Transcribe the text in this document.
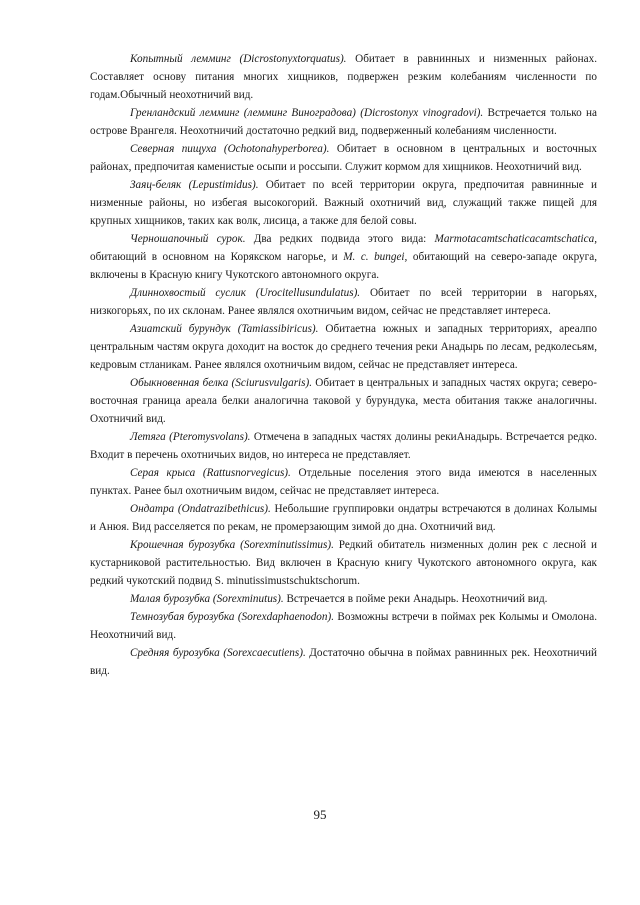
Копытный лемминг (Dicrostonyxtorquatus). Обитает в равнинных и низменных районах. Составляет основу питания многих хищников, подвержен резким колебаниям численности по годам.Обычный неохотничий вид.

Гренландский лемминг (лемминг Виноградова) (Dicrostonyx vinogradovi). Встречается только на острове Врангеля. Неохотничий достаточно редкий вид, подверженный колебаниям численности.

Северная пищуха (Ochotonahyperborea). Обитает в основном в центральных и восточных районах, предпочитая каменистые осыпи и россыпи. Служит кормом для хищников. Неохотничий вид.

Заяц-беляк (Lepustimidus). Обитает по всей территории округа, предпочитая равнинные и низменные районы, но избегая высокогорий. Важный охотничий вид, служащий также пищей для крупных хищников, таких как волк, лисица, а также для белой совы.

Черношапочный сурок. Два редких подвида этого вида: Marmotacamtschaticacamtschatica, обитающий в основном на Корякском нагорье, и M. c. bungei, обитающий на северо-западе округа, включены в Красную книгу Чукотского автономного округа.

Длиннохвостый суслик (Urocitellusundulatus). Обитает по всей территории в нагорьях, низкогорьях, по их склонам. Ранее являлся охотничьим видом, сейчас не представляет интереса.

Азиатский бурундук (Tamiassibiricus). Обитаетна южных и западных территориях, ареалпо центральным частям округа доходит на восток до среднего течения реки Анадырь по лесам, редколесьям, кедровым стланикам. Ранее являлся охотничьим видом, сейчас не представляет интереса.

Обыкновенная белка (Sciurusvulgaris). Обитает в центральных и западных частях округа; северо-восточная граница ареала белки аналогична таковой у бурундука, места обитания также аналогичны. Охотничий вид.

Летяга (Pteromysvolans). Отмечена в западных частях долины рекиАнадырь. Встречается редко. Входит в перечень охотничьих видов, но интереса не представляет.

Серая крыса (Rattusnorvegicus). Отдельные поселения этого вида имеются в населенных пунктах. Ранее был охотничьим видом, сейчас не представляет интереса.

Ондатра (Ondatrazibethicus). Небольшие группировки ондатры встречаются в долинах Колымы и Анюя. Вид расселяется по рекам, не промерзающим зимой до дна. Охотничий вид.

Крошечная бурозубка (Sorexminutissimus). Редкий обитатель низменных долин рек с лесной и кустарниковой растительностью. Вид включен в Красную книгу Чукотского автономного округа, как редкий чукотский подвид S. minutissimustschuktschorum.

Малая бурозубка (Sorexminutus). Встречается в пойме реки Анадырь. Неохотничий вид.

Темнозубая бурозубка (Sorexdaphaenodon). Возможны встречи в поймах рек Колымы и Омолона. Неохотничий вид.

Средняя бурозубка (Sorexcaecutiens). Достаточно обычна в поймах равнинных рек. Неохотничий вид.

95
